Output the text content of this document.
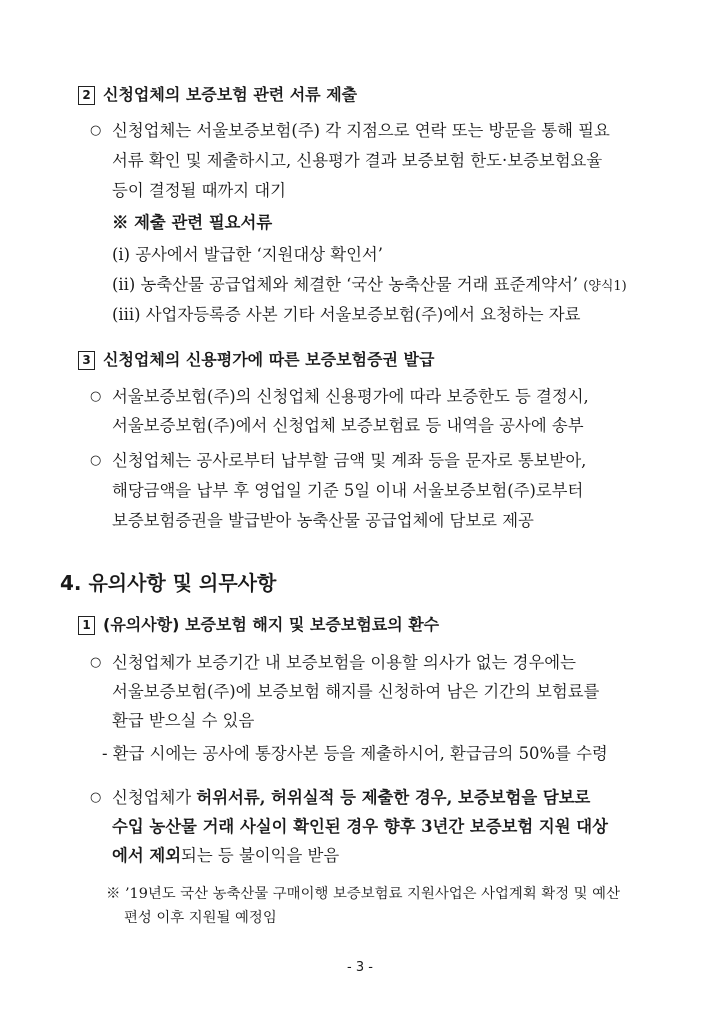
2 신청업체의 보증보험 관련 서류 제출
○ 신청업체는 서울보증보험(주) 각 지점으로 연락 또는 방문을 통해 필요
서류 확인 및 제출하시고, 신용평가 결과 보증보험 한도·보증보험요율
등이 결정될 때까지 대기
※ 제출 관련 필요서류
(i) 공사에서 발급한 ‘지원대상 확인서’
(ii) 농축산물 공급업체와 체결한 ‘국산 농축산물 거래 표준계약서’ (양식1)
(iii) 사업자등록증 사본 기타 서울보증보험(주)에서 요청하는 자료
3 신청업체의 신용평가에 따른 보증보험증권 발급
○ 서울보증보험(주)의 신청업체 신용평가에 따라 보증한도 등 결정시,
서울보증보험(주)에서 신청업체 보증보험료 등 내역을 공사에 송부
○ 신청업체는 공사로부터 납부할 금액 및 계좌 등을 문자로 통보받아,
해당금액을 납부 후 영업일 기준 5일 이내 서울보증보험(주)로부터
보증보험증권을 발급받아 농축산물 공급업체에 담보로 제공
4. 유의사항 및 의무사항
1 (유의사항) 보증보험 해지 및 보증보험료의 환수
○ 신청업체가 보증기간 내 보증보험을 이용할 의사가 없는 경우에는
서울보증보험(주)에 보증보험 해지를 신청하여 남은 기간의 보험료를
환급 받으실 수 있음
- 환급 시에는 공사에 통장사본 등을 제출하시어, 환급금의 50%를 수령
○ 신청업체가 허위서류, 허위실적 등 제출한 경우, 보증보험을 담보로
수입 농산물 거래 사실이 확인된 경우 향후 3년간 보증보험 지원 대상
에서 제외되는 등 불이익을 받음
※ ’19년도 국산 농축산물 구매이행 보증보험료 지원사업은 사업계획 확정 및 예산
편성 이후 지원될 예정임
- 3 -
